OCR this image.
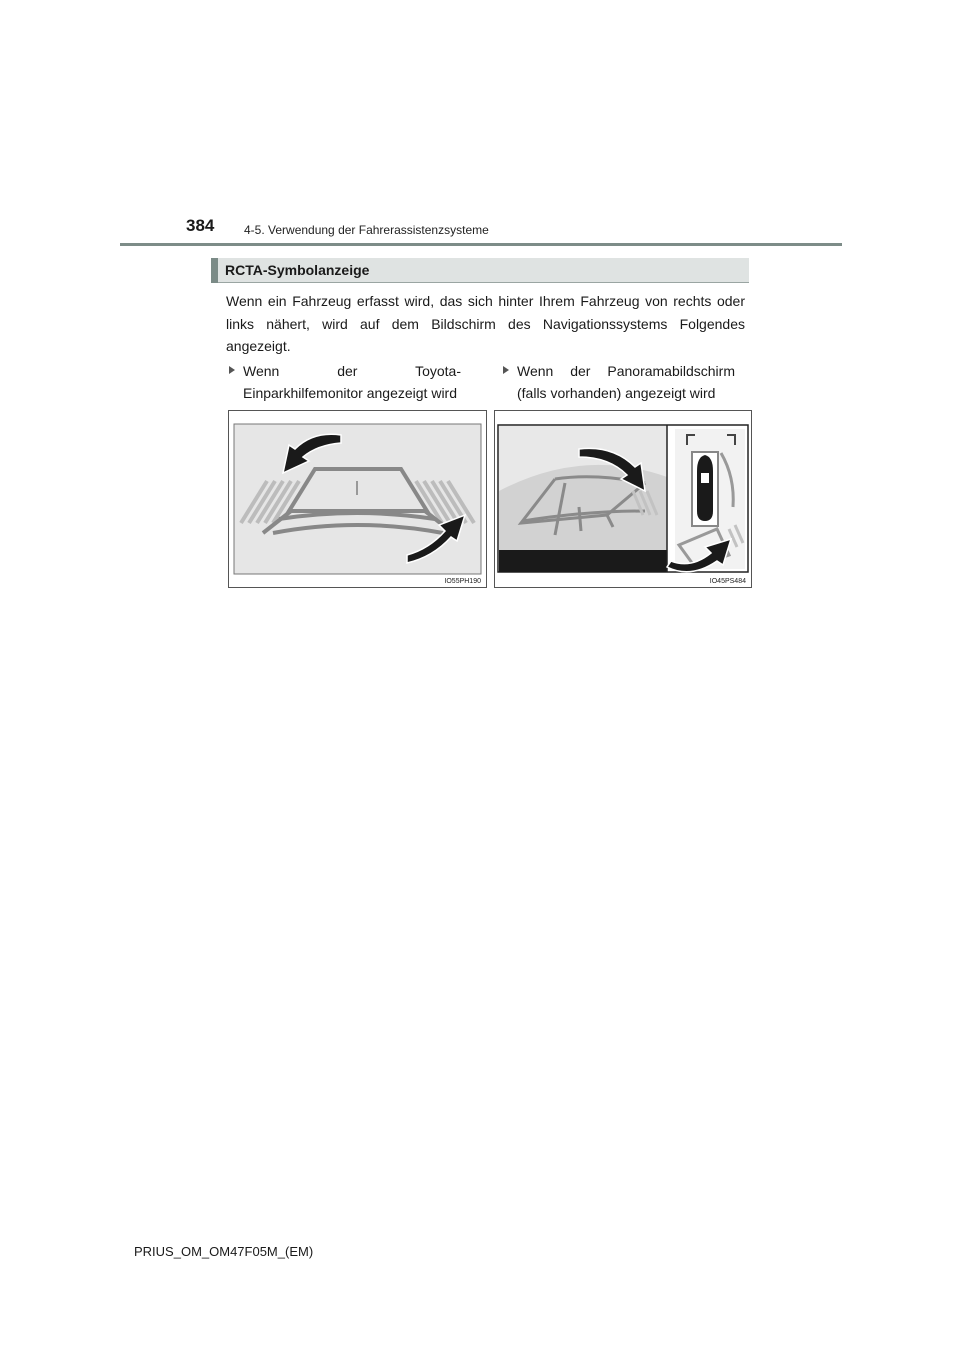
384 4-5. Verwendung der Fahrerassistenzsysteme
RCTA-Symbolanzeige
Wenn ein Fahrzeug erfasst wird, das sich hinter Ihrem Fahrzeug von rechts oder links nähert, wird auf dem Bildschirm des Navigationssystems Folgendes angezeigt.
Wenn der Toyota-Einparkhilfemonitor angezeigt wird
Wenn der Panoramabildschirm (falls vorhanden) angezeigt wird
IO55PH190	IO45PS484
PRIUS_OM_OM47F05M_(EM)
